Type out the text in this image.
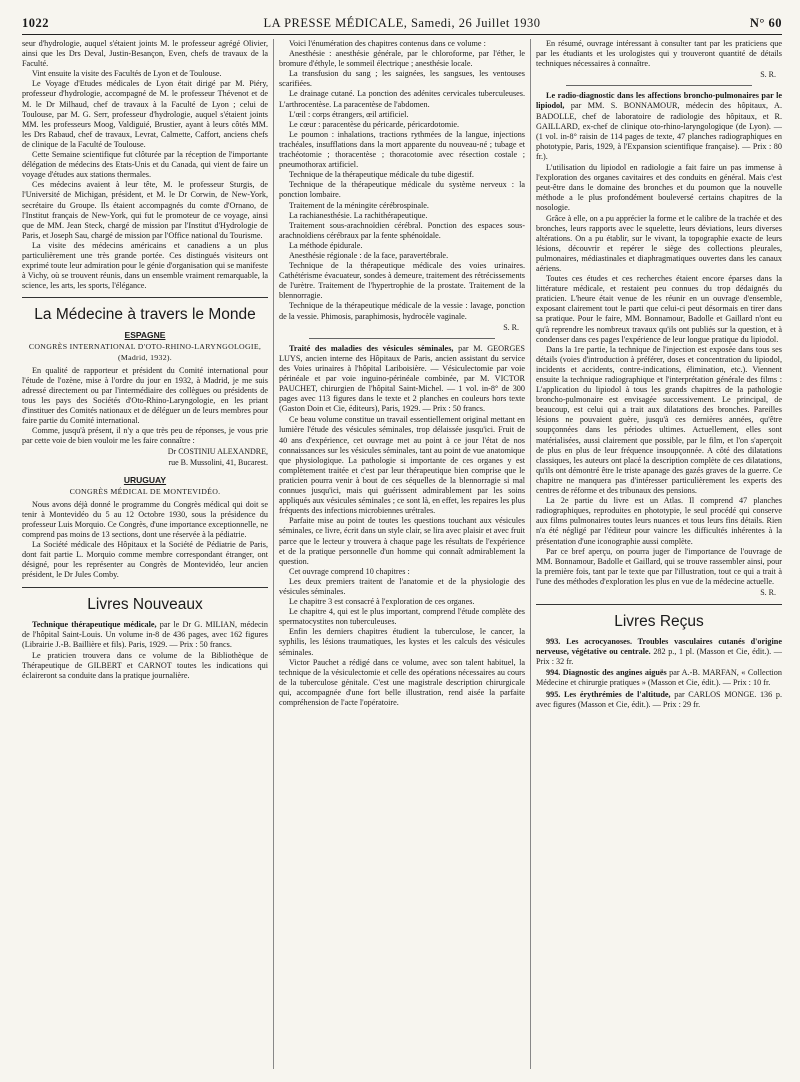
1022	LA PRESSE MÉDICALE, Samedi, 26 Juillet 1930	N° 60

seur d'hydrologie, auquel s'étaient joints M. le professeur agrégé Olivier, ainsi que les Drs Deval, Justin-Besançon, Even, chefs de travaux de la Faculté.

Vint ensuite la visite des Facultés de Lyon et de Toulouse.

Le Voyage d'Etudes médicales de Lyon était dirigé par M. Piéry, professeur d'hydrologie, accompagné de M. le professeur Thévenot et de M. le Dr Milhaud, chef de travaux à la Faculté de Lyon ; celui de Toulouse, par M. G. Serr, professeur d'hydrologie, auquel s'étaient joints MM. les professeurs Moog, Valdiguié, Brustier, ayant à leurs côtés MM. les Drs Rabaud, chef de travaux, Levrat, Calmette, Caffort, anciens chefs de clinique de la Faculté de Toulouse.

Cette Semaine scientifique fut clôturée par la réception de l'importante délégation de médecins des Etats-Unis et du Canada, qui vient de faire un voyage d'études aux stations thermales.

Ces médecins avaient à leur tête, M. le professeur Sturgis, de l'Université de Michigan, président, et M. le Dr Corwin, de New-York, secrétaire du Groupe. Ils étaient accompagnés du comte d'Ornano, de l'Institut français de New-York, qui fut le promoteur de ce voyage, ainsi que de MM. Jean Steck, chargé de mission par l'Institut d'Hydrologie de Paris, et Joseph Sau, chargé de mission par l'Office national du Tourisme.

La visite des médecins américains et canadiens a un plus particulièrement une très grande portée. Ces distingués visiteurs ont exprimé toute leur admiration pour le génie d'organisation qui se manifeste à Vichy, où se trouvent réunis, dans un ensemble vraiment remarquable, la science, les arts, les sports, l'élégance.

La Médecine à travers le Monde
ESPAGNE
CONGRÈS INTERNATIONAL D'OTO-RHINO-LARYNGOLOGIE, (Madrid, 1932).

En qualité de rapporteur et président du Comité international pour l'étude de l'ozène, mise à l'ordre du jour en 1932, à Madrid, je me suis adressé directement ou par l'intermédiaire des collègues ou présidents de tous les pays des Sociétés d'Oto-Rhino-Laryngologie, en les priant d'instituer des Comités nationaux et de déléguer un de leurs membres pour faire partie du Comité international.

Comme, jusqu'à présent, il n'y a que très peu de réponses, je vous prie par cette voie de bien vouloir me les faire connaître :

Dr COSTINIU ALEXANDRE,
rue B. Mussolini, 41, Bucarest.
URUGUAY
CONGRÈS MÉDICAL DE MONTEVIDÉO.

Nous avons déjà donné le programme du Congrès médical qui doit se tenir à Montevidéo du 5 au 12 Octobre 1930, sous la présidence du professeur Luis Morquio. Ce Congrès, d'une importance exceptionnelle, ne comprend pas moins de 13 sections, dont une réservée à la pédiatrie.

La Société médicale des Hôpitaux et la Société de Pédiatrie de Paris, dont fait partie L. Morquio comme membre correspondant étranger, ont désigné, pour les représenter au Congrès de Montevidéo, leur ancien président, le Dr Jules Comby.

Livres Nouveaux

Technique thérapeutique médicale, par le Dr G. MILIAN, médecin de l'hôpital Saint-Louis. Un volume in-8 de 436 pages, avec 162 figures (Librairie J.-B. Baillière et fils). Paris, 1929. — Prix : 50 francs.

Le praticien trouvera dans ce volume de la Bibliothèque de Thérapeutique de GILBERT et CARNOT toutes les indications qui éclaireront sa conduite dans la pratique journalière.

Voici l'énumération des chapitres contenus dans ce volume :

Anesthésie : anesthésie générale, par le chloroforme, par l'éther, le bromure d'éthyle, le sommeil électrique ; anesthésie locale.

La transfusion du sang ; les saignées, les sangsues, les ventouses scarifiées.

Le drainage cutané. La ponction des adénites cervicales tuberculeuses. L'arthrocentèse. La paracentèse de l'abdomen.

L'œil : corps étrangers, œil artificiel.

Le cœur : paracentèse du péricarde, péricardotomie.

Le poumon : inhalations, tractions rythmées de la langue, injections trachéales, insufflations dans la mort apparente du nouveau-né ; tubage et trachéotomie ; thoracentèse ; thoracotomie avec résection costale ; pneumothorax artificiel.

Technique de la thérapeutique médicale du tube digestif.

Technique de la thérapeutique médicale du système nerveux : la ponction lombaire.

Traitement de la méningite cérébrospinale.

La rachianesthésie. La rachithérapeutique.

Traitement sous-arachnoïdien cérébral. Ponction des espaces sous-arachnoïdiens cérébraux par la fente sphénoïdale.

La méthode épidurale.

Anesthésie régionale : de la face, paravertébrale.

Technique de la thérapeutique médicale des voies urinaires. Cathétérisme évacuateur, sondes à demeure, traitement des rétrécissements de l'urètre. Traitement de l'hypertrophie de la prostate. Traitement de la blennorragie.

Technique de la thérapeutique médicale de la vessie : lavage, ponction de la vessie. Phimosis, paraphimosis, hydrocèle vaginale.

S. R.

Traité des maladies des vésicules séminales, par M. GEORGES LUYS, ancien interne des Hôpitaux de Paris, ancien assistant du service des Voies urinaires à l'hôpital Lariboisière. — Vésiculectomie par voie périnéale et par voie inguino-périnéale combinée, par M. VICTOR PAUCHET, chirurgien de l'hôpital Saint-Michel. — 1 vol. in-8° de 300 pages avec 113 figures dans le texte et 2 planches en couleurs hors texte (Gaston Doin et Cie, éditeurs), Paris, 1929. — Prix : 50 francs.

Ce beau volume constitue un travail essentiellement original mettant en lumière l'étude des vésicules séminales, trop délaissée jusqu'ici. Fruit de 40 ans d'expérience, cet ouvrage met au point à ce jour l'état de nos connaissances sur les vésicules séminales, tant au point de vue anatomique que physiologique. La pathologie si importante de ces organes y est complètement traitée et c'est par leur thérapeutique bien comprise que le praticien pourra venir à bout de ces séquelles de la blennorragie si mal connues jusqu'ici, mais qui guérissent admirablement par les soins appliqués aux vésicules séminales ; ce sont là, en effet, les repaires les plus fréquents des infections microbiennes urétrales.

Parfaite mise au point de toutes les questions touchant aux vésicules séminales, ce livre, écrit dans un style clair, se lira avec plaisir et avec fruit parce que le lecteur y trouvera à chaque page les résultats de l'expérience et de la pratique personnelle d'un homme qui connaît admirablement la question.

Cet ouvrage comprend 10 chapitres :

Les deux premiers traitent de l'anatomie et de la physiologie des vésicules séminales.

Le chapitre 3 est consacré à l'exploration de ces organes.

Le chapitre 4, qui est le plus important, comprend l'étude complète des spermatocystites non tuberculeuses.

Enfin les derniers chapitres étudient la tuberculose, le cancer, la syphilis, les lésions traumatiques, les kystes et les calculs des vésicules séminales.

Victor Pauchet a rédigé dans ce volume, avec son talent habituel, la technique de la vésiculectomie et celle des opérations nécessaires au cours de la tuberculose génitale. C'est une magistrale description chirurgicale qui, accompagnée d'une fort belle illustration, rend aisée la parfaite compréhension de l'acte l'opératoire.

En résumé, ouvrage intéressant à consulter tant par les praticiens que par les étudiants et les urologistes qui y trouveront quantité de détails techniques nécessaires à connaître.

S. R.

Le radio-diagnostic dans les affections broncho-pulmonaires par le lipiodol, par MM. S. BONNAMOUR, médecin des hôpitaux, A. BADOLLE, chef de laboratoire de radiologie des hôpitaux, et R. GAILLARD, ex-chef de clinique oto-rhino-laryngologique (de Lyon). — (1 vol. in-8° raisin de 114 pages de texte, 47 planches radiographiques en phototypie, Paris, 1929, à l'Expansion scientifique française). — Prix : 80 fr.).

L'utilisation du lipiodol en radiologie a fait faire un pas immense à l'exploration des organes cavitaires et des conduits en général. Mais c'est peut-être dans le domaine des bronches et du poumon que la nouvelle méthode a le plus profondément bouleversé certains chapitres de la nosologie.

Grâce à elle, on a pu apprécier la forme et le calibre de la trachée et des bronches, leurs rapports avec le squelette, leurs déviations, leurs diverses altérations. On a pu établir, sur le vivant, la topographie exacte de leurs lésions, découvrir et repérer le siège des collections pleurales, pulmonaires, médiastinales et diaphragmatiques ouvertes dans les canaux aériens.

Toutes ces études et ces recherches étaient encore éparses dans la littérature médicale, et restaient peu connues du trop dédaignés du praticien. L'heure était venue de les réunir en un ouvrage d'ensemble, exposant clairement tout le parti que celui-ci peut désormais en tirer dans sa pratique. Pour le faire, MM. Bonnamour, Badolle et Gaillard n'ont eu qu'à reprendre les nombreux travaux qu'ils ont publiés sur la question, et à condenser dans ces pages l'expérience de leur longue pratique du lipiodol.

Dans la 1re partie, la technique de l'injection est exposée dans tous ses détails (voies d'introduction à préférer, doses et concentration du lipiodol, incidents et accidents, contre-indications, élimination, etc.). Viennent ensuite la technique radiographique et l'interprétation générale des films : L'application du lipiodol à tous les grands chapitres de la pathologie broncho-pulmonaire est envisagée successivement. Le principal, de beaucoup, est celui qui a trait aux dilatations des bronches. Pareilles lésions ne pouvaient guère, jusqu'à ces dernières années, qu'être soupçonnées dans les périodes ultimes. Actuellement, elles sont matérialisées, aussi clairement que possible, par le film, et l'on s'aperçoit de plus en plus de leur fréquence insoupçonnée. A côté des dilatations classiques, les auteurs ont placé la description complète de ces dilatations, qu'ils ont démontré être le triste apanage des gazés graves de la guerre. Ce chapitre ne manquera pas d'intéresser particulièrement les experts des centres de réforme et des tribunaux des pensions.

La 2e partie du livre est un Atlas. Il comprend 47 planches radiographiques, reproduites en phototypie, le seul procédé qui conserve aux films pulmonaires toutes leurs nuances et tous leurs fins détails. Rien n'a été négligé par l'éditeur pour vaincre les difficultés inhérentes à la présentation d'une iconographie aussi complète.

Par ce bref aperçu, on pourra juger de l'importance de l'ouvrage de MM. Bonnamour, Badolle et Gaillard, qui se trouve rassembler ainsi, pour la première fois, tant par le texte que par l'illustration, tout ce qui a trait à l'une des méthodes d'exploration les plus en vue de la médecine actuelle.

S. R.
Livres Reçus

993. Les acrocyanoses. Troubles vasculaires cutanés d'origine nerveuse, végétative ou centrale. 282 p., 1 pl. (Masson et Cie, édit.). — Prix : 32 fr.

994. Diagnostic des angines aiguës par A.-B. MARFAN, « Collection Médecine et chirurgie pratiques » (Masson et Cie, édit.). — Prix : 10 fr.

995. Les érythrémies de l'altitude, par CARLOS MONGE. 136 p. avec figures (Masson et Cie, édit.). — Prix : 29 fr.
